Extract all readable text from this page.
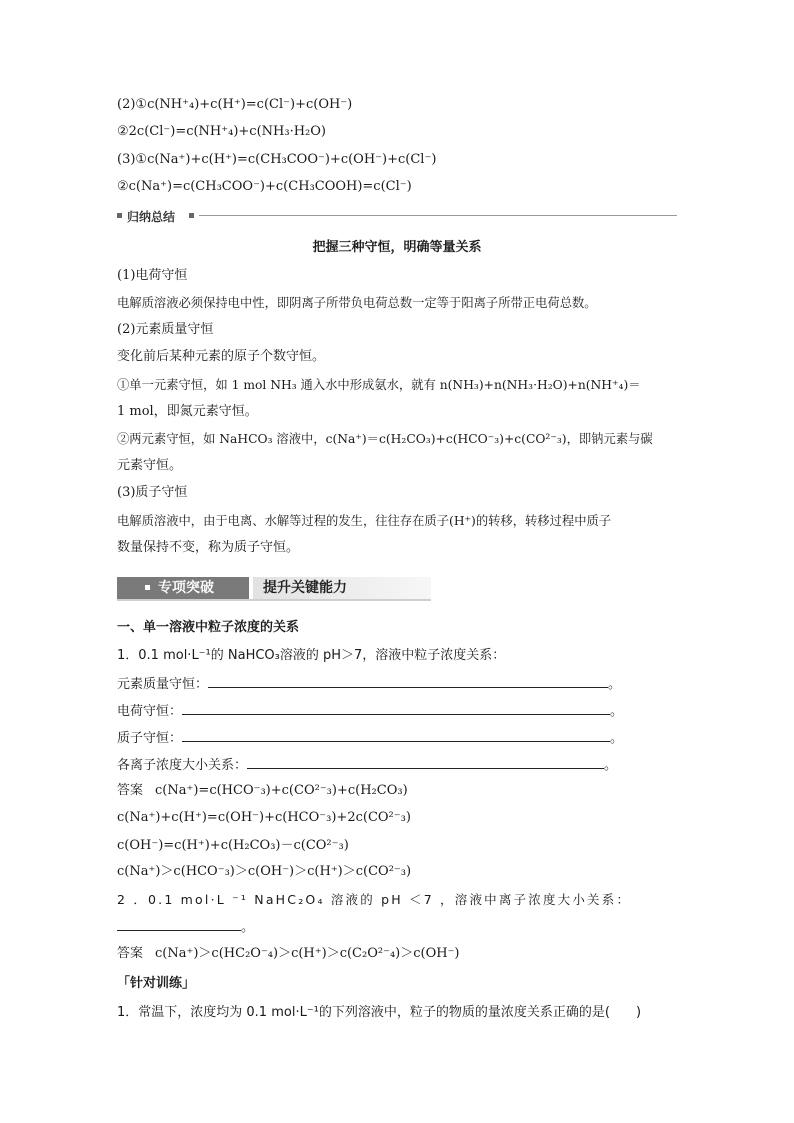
(2)①c(NH⁺₄)+c(H⁺)=c(Cl⁻)+c(OH⁻)
②2c(Cl⁻)=c(NH⁺₄)+c(NH₃·H₂O)
(3)①c(Na⁺)+c(H⁺)=c(CH₃COO⁻)+c(OH⁻)+c(Cl⁻)
②c(Na⁺)=c(CH₃COO⁻)+c(CH₃COOH)=c(Cl⁻)
归纳总结
把握三种守恒，明确等量关系
(1)电荷守恒
电解质溶液必须保持电中性，即阴离子所带负电荷总数一定等于阳离子所带正电荷总数。
(2)元素质量守恒
变化前后某种元素的原子个数守恒。
①单一元素守恒，如 1 mol NH₃ 通入水中形成氨水，就有 n(NH₃)+n(NH₃·H₂O)+n(NH⁺₄)＝
1 mol，即氮元素守恒。
②两元素守恒，如 NaHCO₃ 溶液中，c(Na⁺)＝c(H₂CO₃)+c(HCO⁻₃)+c(CO²⁻₃)，即钠元素与碳
元素守恒。
(3)质子守恒
电解质溶液中，由于电离、水解等过程的发生，往往存在质子(H⁺)的转移，转移过程中质子
数量保持不变，称为质子守恒。
专项突破	提升关键能力
一、单一溶液中粒子浓度的关系
1．0.1 mol·L⁻¹的 NaHCO₃溶液的 pH＞7，溶液中粒子浓度关系：
元素质量守恒：	。
电荷守恒：	。
质子守恒：	。
各离子浓度大小关系：	。
答案 c(Na⁺)=c(HCO⁻₃)+c(CO²⁻₃)+c(H₂CO₃)
c(Na⁺)+c(H⁺)=c(OH⁻)+c(HCO⁻₃)+2c(CO²⁻₃)
c(OH⁻)=c(H⁺)+c(H₂CO₃)－c(CO²⁻₃)
c(Na⁺)＞c(HCO⁻₃)＞c(OH⁻)＞c(H⁺)＞c(CO²⁻₃)
2 ．0.1 mol·L ⁻¹ NaHC₂O₄ 溶液的 pH ＜7 ，溶液中离子浓度大小关系：
。
答案 c(Na⁺)＞c(HC₂O⁻₄)＞c(H⁺)＞c(C₂O²⁻₄)＞c(OH⁻)
「针对训练」
1．常温下，浓度均为 0.1 mol·L⁻¹的下列溶液中，粒子的物质的量浓度关系正确的是(　　)
